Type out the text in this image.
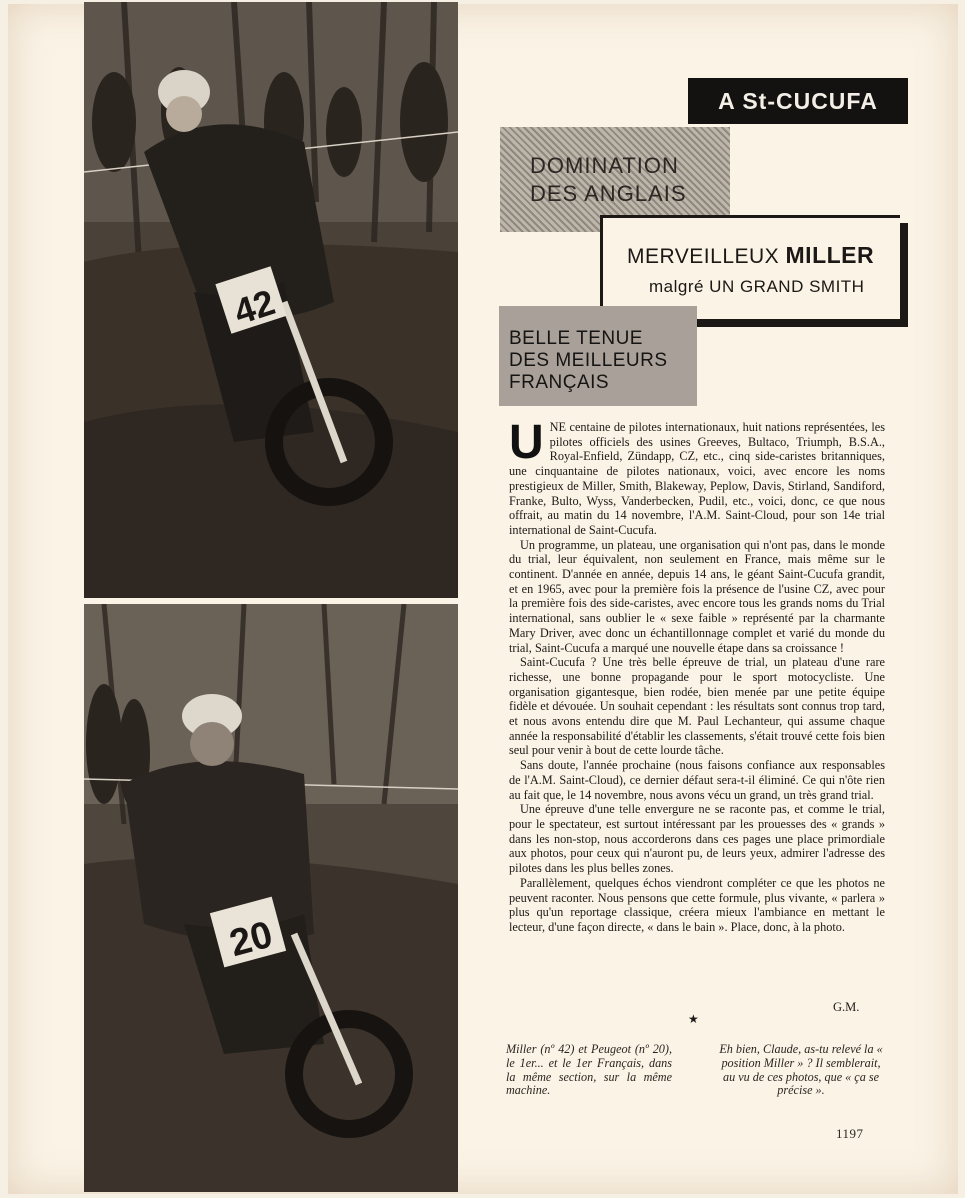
42
20
A St-CUCUFA
DOMINATION
DES ANGLAIS
MERVEILLEUX MILLER
malgré UN GRAND SMITH
BELLE TENUE
DES MEILLEURS
FRANÇAIS
U NE centaine de pilotes internationaux, huit nations représentées, les pilotes officiels des usines Greeves, Bultaco, Triumph, B.S.A., Royal-Enfield, Zündapp, CZ, etc., cinq side-caristes britanniques, une cinquantaine de pilotes nationaux, voici, avec encore les noms prestigieux de Miller, Smith, Blakeway, Peplow, Davis, Stirland, Sandiford, Franke, Bulto, Wyss, Vanderbecken, Pudil, etc., voici, donc, ce que nous offrait, au matin du 14 novembre, l'A.M. Saint-Cloud, pour son 14e trial international de Saint-Cucufa.

Un programme, un plateau, une organisation qui n'ont pas, dans le monde du trial, leur équivalent, non seulement en France, mais même sur le continent. D'année en année, depuis 14 ans, le géant Saint-Cucufa grandit, et en 1965, avec pour la première fois la présence de l'usine CZ, avec pour la première fois des side-caristes, avec encore tous les grands noms du Trial international, sans oublier le « sexe faible » représenté par la charmante Mary Driver, avec donc un échantillonnage complet et varié du monde du trial, Saint-Cucufa a marqué une nouvelle étape dans sa croissance !

Saint-Cucufa ? Une très belle épreuve de trial, un plateau d'une rare richesse, une bonne propagande pour le sport motocycliste. Une organisation gigantesque, bien rodée, bien menée par une petite équipe fidèle et dévouée. Un souhait cependant : les résultats sont connus trop tard, et nous avons entendu dire que M. Paul Lechanteur, qui assume chaque année la responsabilité d'établir les classements, s'était trouvé cette fois bien seul pour venir à bout de cette lourde tâche.

Sans doute, l'année prochaine (nous faisons confiance aux responsables de l'A.M. Saint-Cloud), ce dernier défaut sera-t-il éliminé. Ce qui n'ôte rien au fait que, le 14 novembre, nous avons vécu un grand, un très grand trial.

Une épreuve d'une telle envergure ne se raconte pas, et comme le trial, pour le spectateur, est surtout intéressant par les prouesses des « grands » dans les non-stop, nous accorderons dans ces pages une place primordiale aux photos, pour ceux qui n'auront pu, de leurs yeux, admirer l'adresse des pilotes dans les plus belles zones.

Parallèlement, quelques échos viendront compléter ce que les photos ne peuvent raconter. Nous pensons que cette formule, plus vivante, « parlera » plus qu'un reportage classique, créera mieux l'ambiance en mettant le lecteur, d'une façon directe, « dans le bain ». Place, donc, à la photo.

G.M.
★
Miller (nº 42) et Peugeot (nº 20), le 1er... et le 1er Français, dans la même section, sur la même machine.
Eh bien, Claude, as-tu relevé la « position Miller » ? Il semblerait, au vu de ces photos, que « ça se précise ».
1197
